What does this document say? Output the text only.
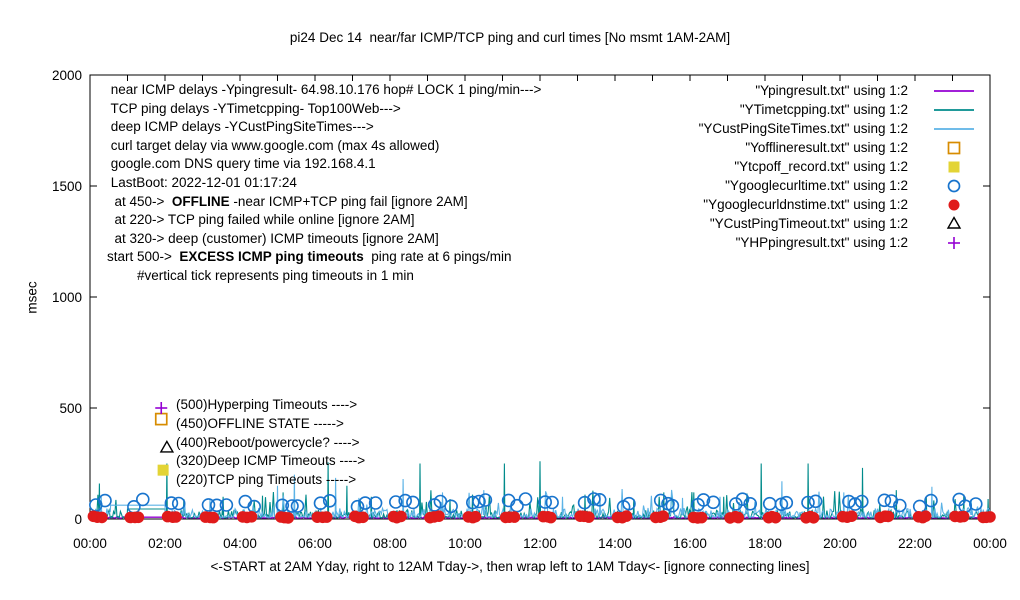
pi24 Dec 14  near/far ICMP/TCP ping and curl times [No msmt 1AM-2AM]
00:00	02:00	04:00	06:00	08:00	10:00	12:00	14:00	16:00	18:00	20:00	22:00	00:00
0
500
1000
1500
2000
msec
<-START at 2AM Yday, right to 12AM Tday->, then wrap left to 1AM Tday<- [ignore connecting lines]
near ICMP delays -Ypingresult- 64.98.10.176 hop# LOCK 1 ping/min--->
TCP ping delays -YTimetcpping- Top100Web--->
deep ICMP delays -YCustPingSiteTimes--->
curl target delay via www.google.com (max 4s allowed)
google.com DNS query time via 192.168.4.1
LastBoot: 2022-12-01 01:17:24
at 450->  OFFLINE -near ICMP+TCP ping fail [ignore 2AM]
at 220-> TCP ping failed while online [ignore 2AM]
at 320-> deep (customer) ICMP timeouts [ignore 2AM]
start 500->  EXCESS ICMP ping timeouts  ping rate at 6 pings/min
#vertical tick represents ping timeouts in 1 min
(500)Hyperping Timeouts ---->
(450)OFFLINE STATE ----->
(400)Reboot/powercycle? ---->
(320)Deep ICMP Timeouts ---->
(220)TCP ping Timeouts ----->
"Ypingresult.txt" using 1:2
"YTimetcpping.txt" using 1:2
"YCustPingSiteTimes.txt" using 1:2
"Yofflineresult.txt" using 1:2
"Ytcpoff_record.txt" using 1:2
"Ygooglecurltime.txt" using 1:2
"Ygooglecurldnstime.txt" using 1:2
"YCustPingTimeout.txt" using 1:2
"YHPpingresult.txt" using 1:2
